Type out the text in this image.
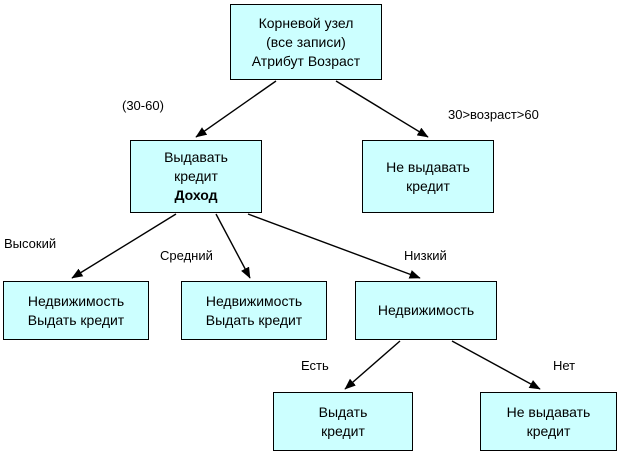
Корневой узел
(все записи)
Атрибут Возраст
Выдавать
кредит
Доход
Не выдавать
кредит
Недвижимость
Выдать кредит
Недвижимость
Выдать кредит
Недвижимость
Выдать
кредит
Не выдавать
кредит
(30-60)
30>возраст>60
Высокий
Средний	Низкий
Есть	Нет
